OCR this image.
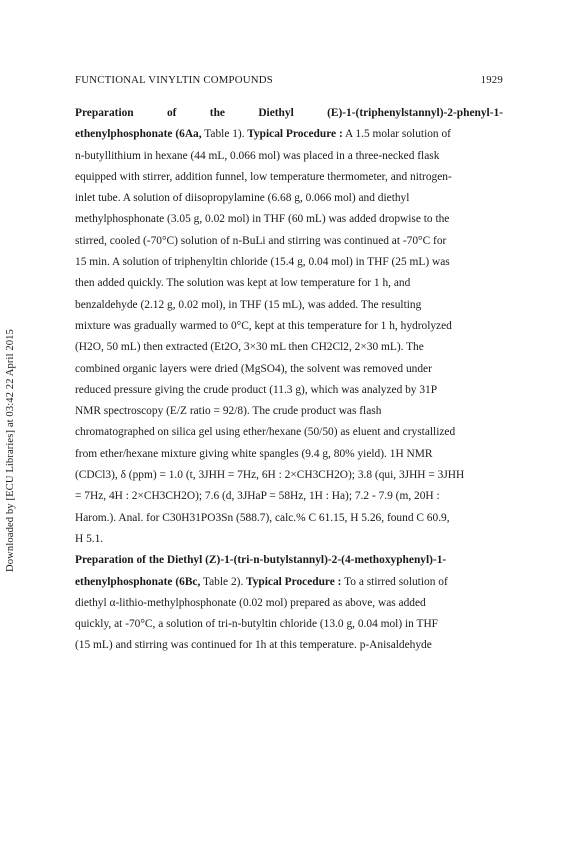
Downloaded by [ECU Libraries] at 03:42 22 April 2015
FUNCTIONAL VINYLTIN COMPOUNDS	1929
Preparation	of	the	Diethyl	(E)-1-(triphenylstannyl)-2-phenyl-1-
ethenylphosphonate (6Aa, Table 1). Typical Procedure : A 1.5 molar solution of
n-butyllithium in hexane (44 mL, 0.066 mol) was placed in a three-necked flask
equipped with stirrer, addition funnel, low temperature thermometer, and nitrogen-
inlet tube. A solution of diisopropylamine (6.68 g, 0.066 mol) and diethyl
methylphosphonate (3.05 g, 0.02 mol) in THF (60 mL) was added dropwise to the
stirred, cooled (-70°C) solution of n-BuLi and stirring was continued at -70°C for
15 min. A solution of triphenyltin chloride (15.4 g, 0.04 mol) in THF (25 mL) was
then added quickly. The solution was kept at low temperature for 1 h, and
benzaldehyde (2.12 g, 0.02 mol), in THF (15 mL), was added. The resulting
mixture was gradually warmed to 0°C, kept at this temperature for 1 h, hydrolyzed
(H2O, 50 mL) then extracted (Et2O, 3×30 mL then CH2Cl2, 2×30 mL). The
combined organic layers were dried (MgSO4), the solvent was removed under
reduced pressure giving the crude product (11.3 g), which was analyzed by 31P
NMR spectroscopy (E/Z ratio = 92/8). The crude product was flash
chromatographed on silica gel using ether/hexane (50/50) as eluent and crystallized
from ether/hexane mixture giving white spangles (9.4 g, 80% yield). 1H NMR
(CDCl3), δ (ppm) = 1.0 (t, 3JHH = 7Hz, 6H : 2×CH3CH2O); 3.8 (qui, 3JHH = 3JHH
= 7Hz, 4H : 2×CH3CH2O); 7.6 (d, 3JHaP = 58Hz, 1H : Ha); 7.2 - 7.9 (m, 20H :
Harom.). Anal. for C30H31PO3Sn (588.7), calc.% C 61.15, H 5.26, found C 60.9,
H 5.1.
Preparation of the Diethyl (Z)-1-(tri-n-butylstannyl)-2-(4-methoxyphenyl)-1-
ethenylphosphonate (6Bc, Table 2). Typical Procedure : To a stirred solution of
diethyl α-lithio-methylphosphonate (0.02 mol) prepared as above, was added
quickly, at -70°C, a solution of tri-n-butyltin chloride (13.0 g, 0.04 mol) in THF
(15 mL) and stirring was continued for 1h at this temperature. p-Anisaldehyde
